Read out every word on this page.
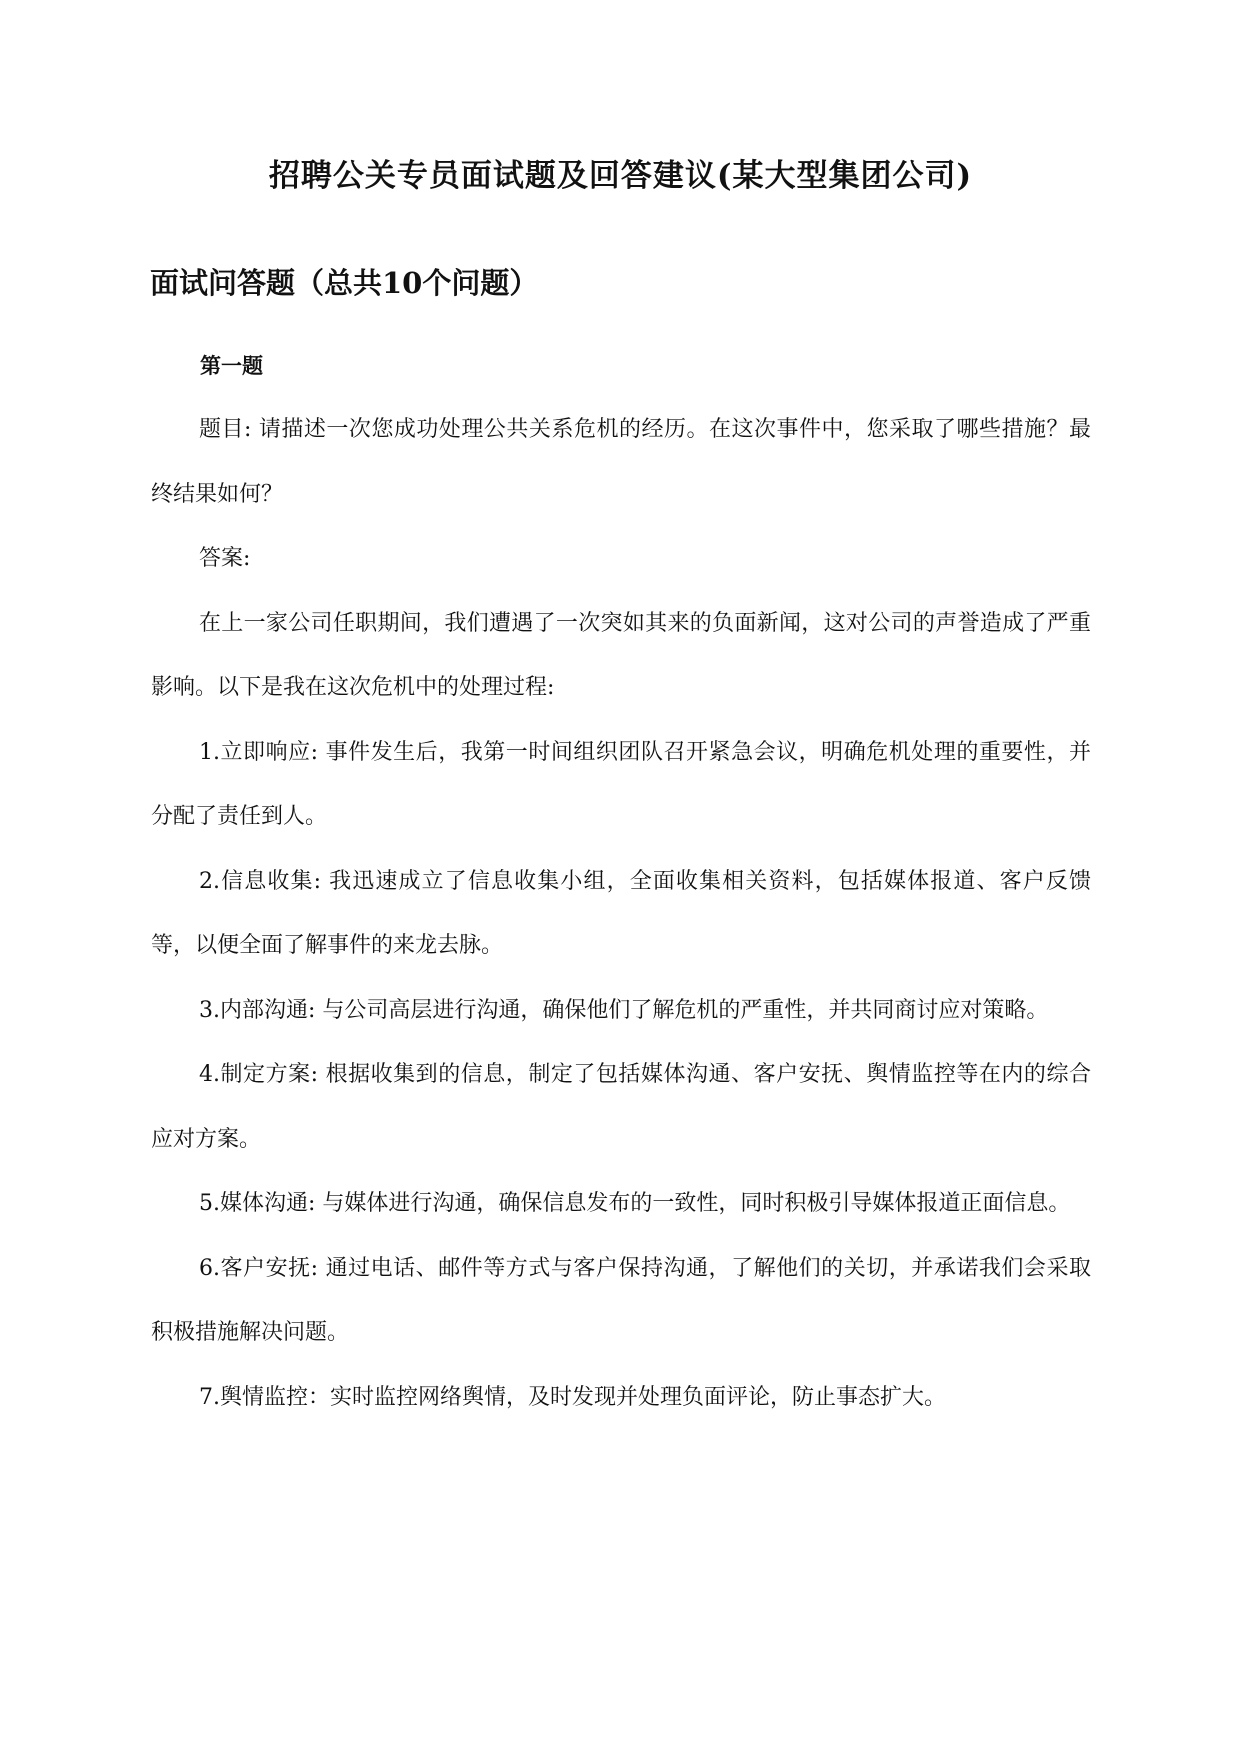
招聘公关专员面试题及回答建议(某大型集团公司)
面试问答题（总共10个问题）
第一题

题目: 请描述一次您成功处理公共关系危机的经历。在这次事件中，您采取了哪些措施？最终结果如何？

答案:

在上一家公司任职期间，我们遭遇了一次突如其来的负面新闻，这对公司的声誉造成了严重影响。以下是我在这次危机中的处理过程:

1.立即响应: 事件发生后，我第一时间组织团队召开紧急会议，明确危机处理的重要性，并分配了责任到人。

2.信息收集: 我迅速成立了信息收集小组，全面收集相关资料，包括媒体报道、客户反馈等，以便全面了解事件的来龙去脉。

3.内部沟通: 与公司高层进行沟通，确保他们了解危机的严重性，并共同商讨应对策略。

4.制定方案: 根据收集到的信息，制定了包括媒体沟通、客户安抚、舆情监控等在内的综合应对方案。

5.媒体沟通: 与媒体进行沟通，确保信息发布的一致性，同时积极引导媒体报道正面信息。

6.客户安抚: 通过电话、邮件等方式与客户保持沟通，了解他们的关切，并承诺我们会采取积极措施解决问题。

7.舆情监控：实时监控网络舆情，及时发现并处理负面评论，防止事态扩大。
